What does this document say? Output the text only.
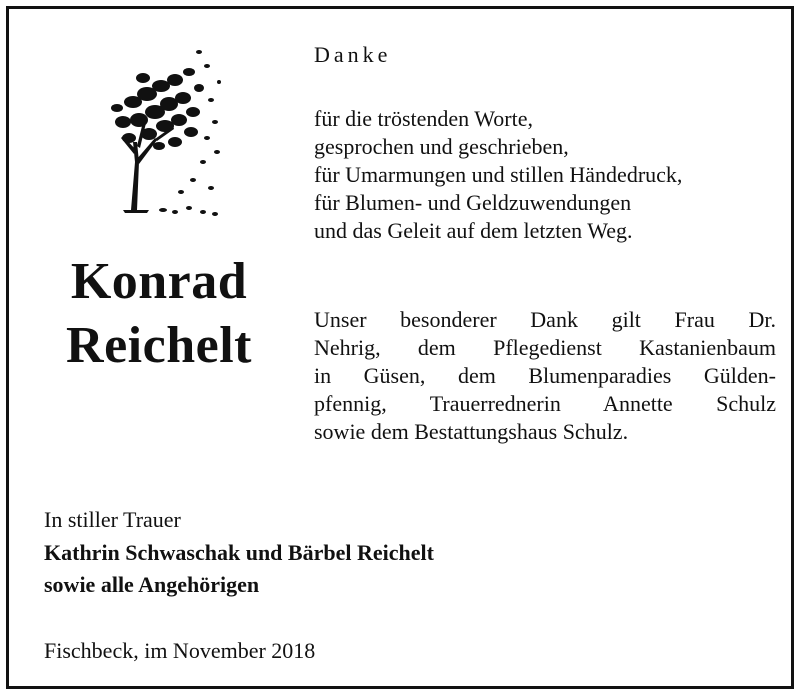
Konrad
Reichelt
Danke
für die tröstenden Worte,
gesprochen und geschrieben,
für Umarmungen und stillen Händedruck,
für Blumen- und Geldzuwendungen
und das Geleit auf dem letzten Weg.
Unser besonderer Dank gilt Frau Dr.
Nehrig, dem Pflegedienst Kastanienbaum
in Güsen, dem Blumenparadies Gülden-
pfennig, Trauerrednerin Annette Schulz
sowie dem Bestattungshaus Schulz.
In stiller Trauer
Kathrin Schwaschak und Bärbel Reichelt
sowie alle Angehörigen
Fischbeck, im November 2018
